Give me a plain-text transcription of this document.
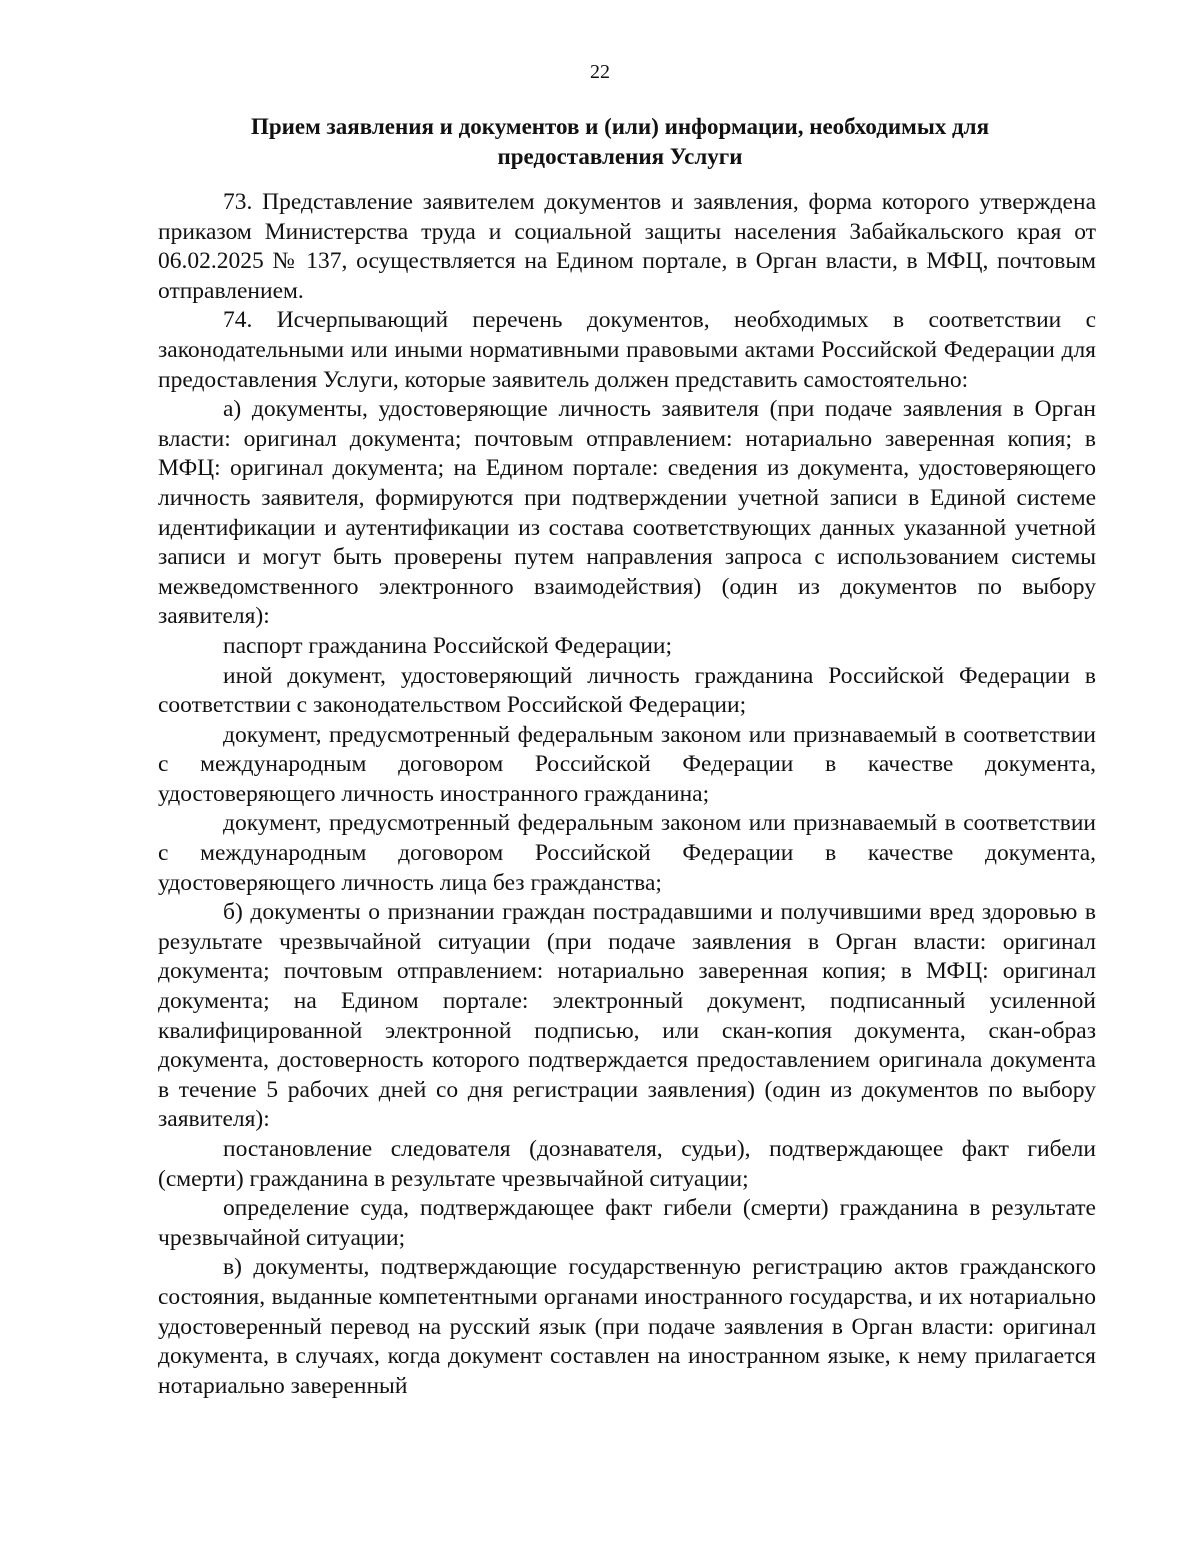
22
Прием заявления и документов и (или) информации, необходимых для
предоставления Услуги

73. Представление заявителем документов и заявления, форма которого утверждена приказом Министерства труда и социальной защиты населения Забайкальского края от 06.02.2025 № 137, осуществляется на Едином портале, в Орган власти, в МФЦ, почтовым отправлением.

74. Исчерпывающий перечень документов, необходимых в соответствии с законодательными или иными нормативными правовыми актами Российской Федерации для предоставления Услуги, которые заявитель должен представить самостоятельно:

а) документы, удостоверяющие личность заявителя (при подаче заявления в Орган власти: оригинал документа; почтовым отправлением: нотариально заверенная копия; в МФЦ: оригинал документа; на Едином портале: сведения из документа, удостоверяющего личность заявителя, формируются при подтверждении учетной записи в Единой системе идентификации и аутентификации из состава соответствующих данных указанной учетной записи и могут быть проверены путем направления запроса с использованием системы межведомственного электронного взаимодействия) (один из документов по выбору заявителя):

паспорт гражданина Российской Федерации;

иной документ, удостоверяющий личность гражданина Российской Федерации в соответствии с законодательством Российской Федерации;

документ, предусмотренный федеральным законом или признаваемый в соответствии с международным договором Российской Федерации в качестве документа, удостоверяющего личность иностранного гражданина;

документ, предусмотренный федеральным законом или признаваемый в соответствии с международным договором Российской Федерации в качестве документа, удостоверяющего личность лица без гражданства;

б) документы о признании граждан пострадавшими и получившими вред здоровью в результате чрезвычайной ситуации (при подаче заявления в Орган власти: оригинал документа; почтовым отправлением: нотариально заверенная копия; в МФЦ: оригинал документа; на Едином портале: электронный документ, подписанный усиленной квалифицированной электронной подписью, или скан-копия документа, скан-образ документа, достоверность которого подтверждается предоставлением оригинала документа в течение 5 рабочих дней со дня регистрации заявления) (один из документов по выбору заявителя):

постановление следователя (дознавателя, судьи), подтверждающее факт гибели (смерти) гражданина в результате чрезвычайной ситуации;

определение суда, подтверждающее факт гибели (смерти) гражданина в результате чрезвычайной ситуации;

в) документы, подтверждающие государственную регистрацию актов гражданского состояния, выданные компетентными органами иностранного государства, и их нотариально удостоверенный перевод на русский язык (при подаче заявления в Орган власти: оригинал документа, в случаях, когда документ составлен на иностранном языке, к нему прилагается нотариально заверенный
